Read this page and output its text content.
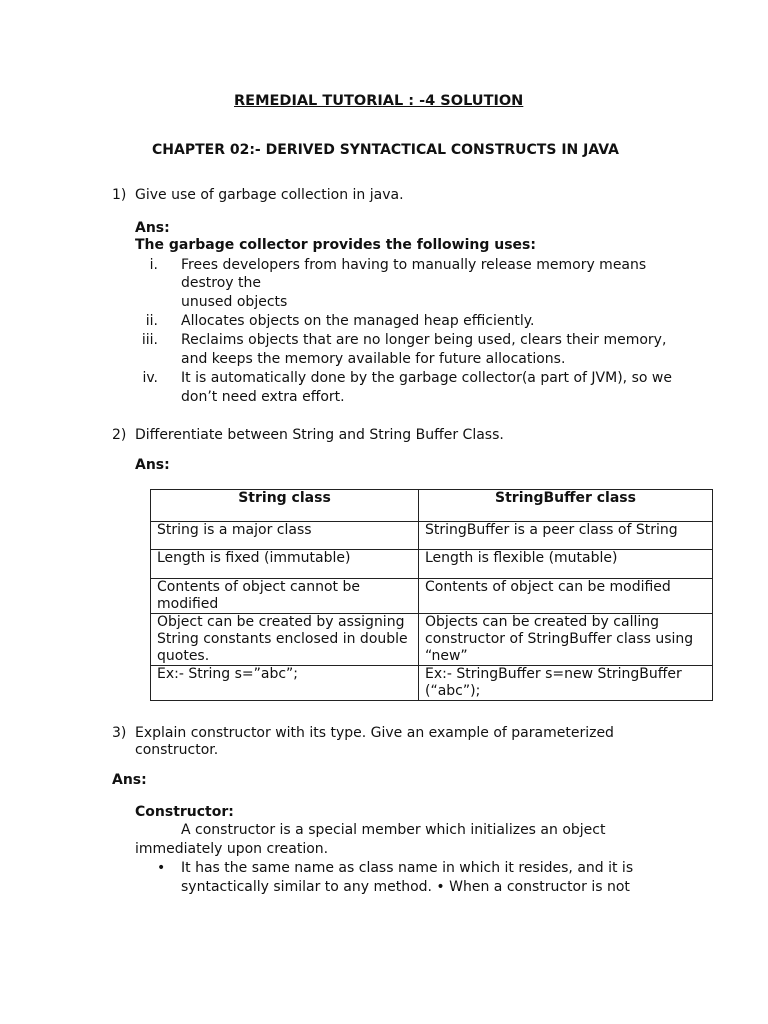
REMEDIAL TUTORIAL : -4 SOLUTION
CHAPTER 02:- DERIVED SYNTACTICAL CONSTRUCTS IN JAVA
1) Give use of garbage collection in java.
Ans:
The garbage collector provides the following uses:
i. Frees developers from having to manually release memory means
destroy the
unused objects
ii. Allocates objects on the managed heap efficiently.
iii. Reclaims objects that are no longer being used, clears their memory,
and keeps the memory available for future allocations.
iv. It is automatically done by the garbage collector(a part of JVM), so we
don’t need extra effort.
2) Differentiate between String and String Buffer Class.
Ans:
String class	StringBuffer class
String is a major class	StringBuffer is a peer class of String
Length is fixed (immutable)	Length is flexible (mutable)
Contents of object cannot be modified	Contents of object can be modified
Object can be created by assigning String constants enclosed in double quotes.	Objects can be created by calling constructor of StringBuffer class using “new”
Ex:- String s=”abc”;	Ex:- StringBuffer s=new StringBuffer (“abc”);
3) Explain constructor with its type. Give an example of parameterized
constructor.
Ans:
Constructor:
A constructor is a special member which initializes an object
immediately upon creation.
• It has the same name as class name in which it resides, and it is
syntactically similar to any method. • When a constructor is not
